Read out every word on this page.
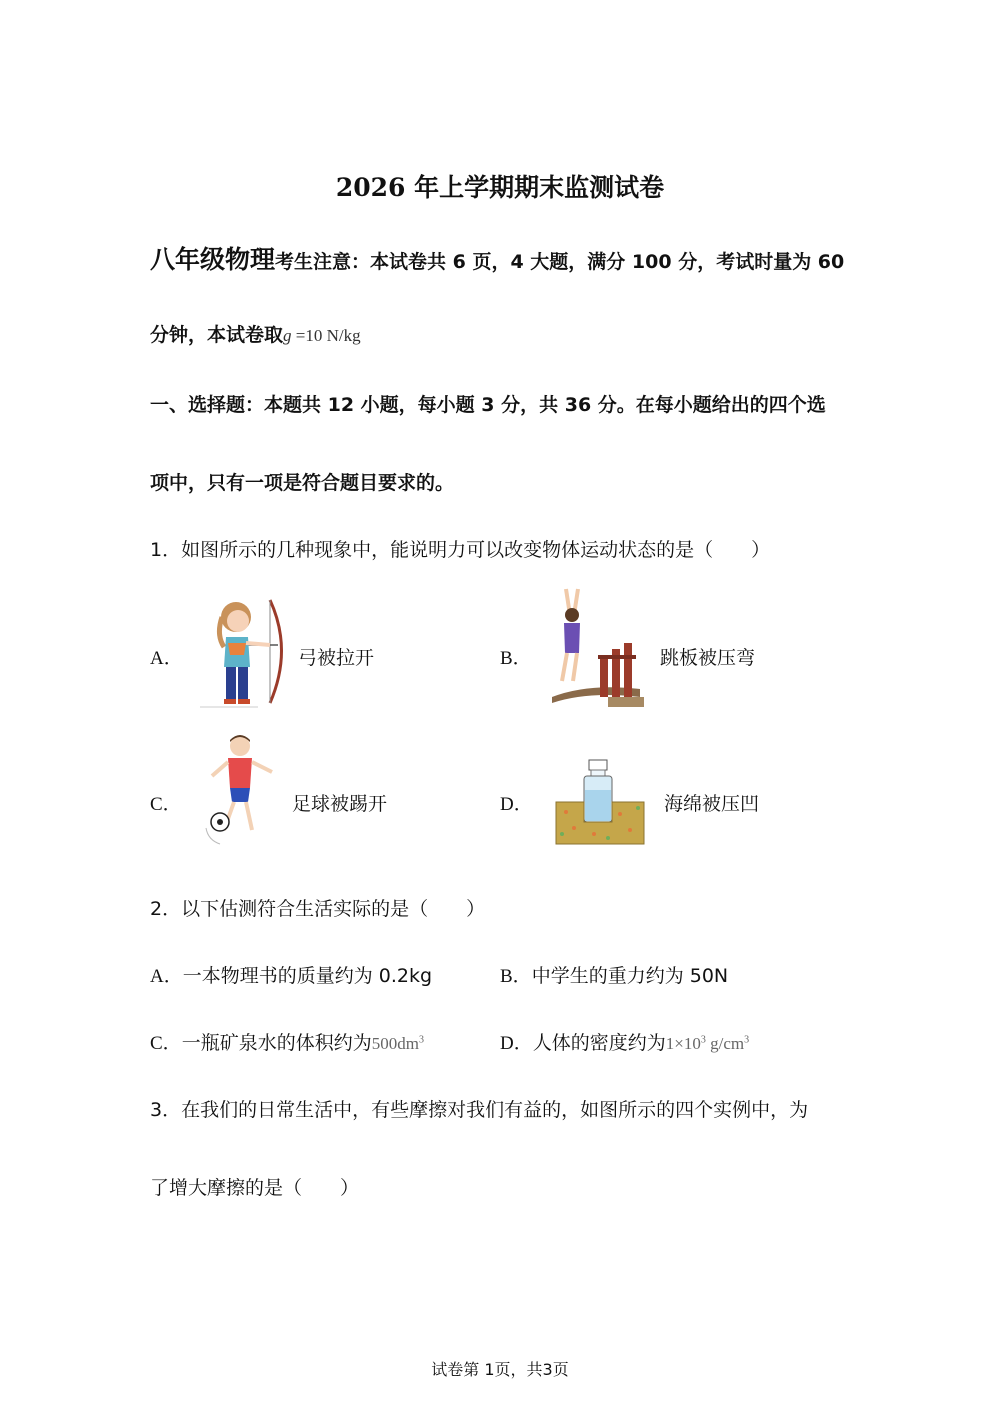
2026 年上学期期末监测试卷
八年级物理考生注意：本试卷共 6 页，4 大题，满分 100 分，考试时量为 60
分钟，本试卷取g =10 N/kg
一、选择题：本题共 12 小题，每小题 3 分，共 36 分。在每小题给出的四个选
项中，只有一项是符合题目要求的。
1．如图所示的几种现象中，能说明力可以改变物体运动状态的是（　　）
A．	弓被拉开	B．	跳板被压弯
C．	足球被踢开	D．	海绵被压凹
2．以下估测符合生活实际的是（　　）
A．一本物理书的质量约为 0.2kg	B．中学生的重力约为 50N
C．一瓶矿泉水的体积约为$500dm^3$	D．人体的密度约为$1\times 10^3$ $g/cm^3$
3．在我们的日常生活中，有些摩擦对我们有益的，如图所示的四个实例中，为
了增大摩擦的是（　　）
试卷第 1页，共3页
